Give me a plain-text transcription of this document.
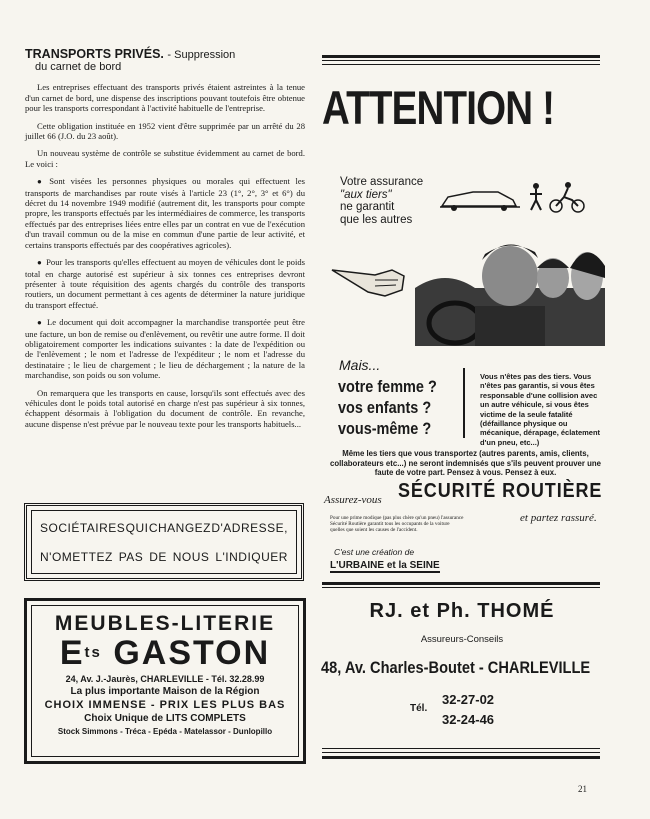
TRANSPORTS PRIVÉS. - Suppression
du carnet de bord

Les entreprises effectuant des transports privés étaient astreintes à la tenue d'un carnet de bord, une dispense des inscriptions pouvant toutefois être obtenue pour les transports correspondant à l'activité habituelle de l'entreprise.

Cette obligation instituée en 1952 vient d'être supprimée par un arrêté du 28 juillet 66 (J.O. du 23 août).

Un nouveau système de contrôle se substitue évidemment au carnet de bord. Le voici :

● Sont visées les personnes physiques ou morales qui effectuent les transports de marchandises par route visés à l'article 23 (1°, 2°, 3° et 6°) du décret du 14 novembre 1949 modifié (autrement dit, les transports pour compte propre, les transports effectués par les intermédiaires de commerce, les transports effectués par des entreprises liées entre elles par un contrat en vue de l'exécution d'un travail commun ou de la mise en commun d'une partie de leur activité, et certains transports effectués par des coopératives agricoles).

● Pour les transports qu'elles effectuent au moyen de véhicules dont le poids total en charge autorisé est supérieur à six tonnes ces entreprises devront présenter à toute réquisition des agents chargés du contrôle des transports routiers, un document permettant à ces agents de déterminer la nature juridique du transport effectué.

● Le document qui doit accompagner la marchandise transportée peut être une facture, un bon de remise ou d'enlèvement, ou revêtir une autre forme. Il doit obligatoirement comporter les indications suivantes : la date de l'expédition ou de l'enlèvement ; le nom et l'adresse de l'expéditeur ; le nom et l'adresse du destinataire ; le lieu de chargement ; le lieu de déchargement ; la nature de la marchandise, son poids ou son volume.

On remarquera que les transports en cause, lorsqu'ils sont effectués avec des véhicules dont le poids total autorisé en charge n'est pas supérieur à six tonnes, échappent désormais à l'obligation du document de contrôle. En revanche, aucune dispense n'est prévue par le nouveau texte pour les transports habituels...

SOCIÉTAIRES QUI CHANGEZ D'ADRESSE,
N'OMETTEZ PAS DE NOUS L'INDIQUER
MEUBLES-LITERIE
$E^{ts}$ GASTON
24, Av. J.-Jaurès, CHARLEVILLE - Tél. 32.28.99
La plus importante Maison de la Région
CHOIX IMMENSE - PRIX LES PLUS BAS
Choix Unique de LITS COMPLETS
Stock Simmons - Tréca - Epéda - Matelassor - Dunlopillo
ATTENTION !
Votre assurance
"aux tiers"
ne garantit
que les autres
Mais...
votre femme ?
vos enfants ?
vous-même ?
Vous n'êtes pas des tiers. Vous n'êtes pas garantis, si vous êtes responsable d'une collision avec un autre véhicule, si vous êtes victime de la seule fatalité (défaillance physique ou mécanique, dérapage, éclatement d'un pneu, etc...)
Même les tiers que vous transportez (autres parents, amis, clients, collaborateurs etc...) ne seront indemnisés que s'ils peuvent prouver une faute de votre part. Pensez à vous. Pensez à eux.
Assurez-vous SÉCURITÉ ROUTIÈRE
et partez rassuré.
Pour une prime modique (pas plus chère qu'un pneu) l'assurance Sécurité Routière garantit tous les occupants de la voiture quelles que soient les causes de l'accident.
C'est une création de
L'URBAINE et la SEINE
RJ. et Ph. THOMÉ
Assureurs-Conseils
48, Av. Charles-Boutet - CHARLEVILLE
Tél.
32-27-02
32-24-46
21
